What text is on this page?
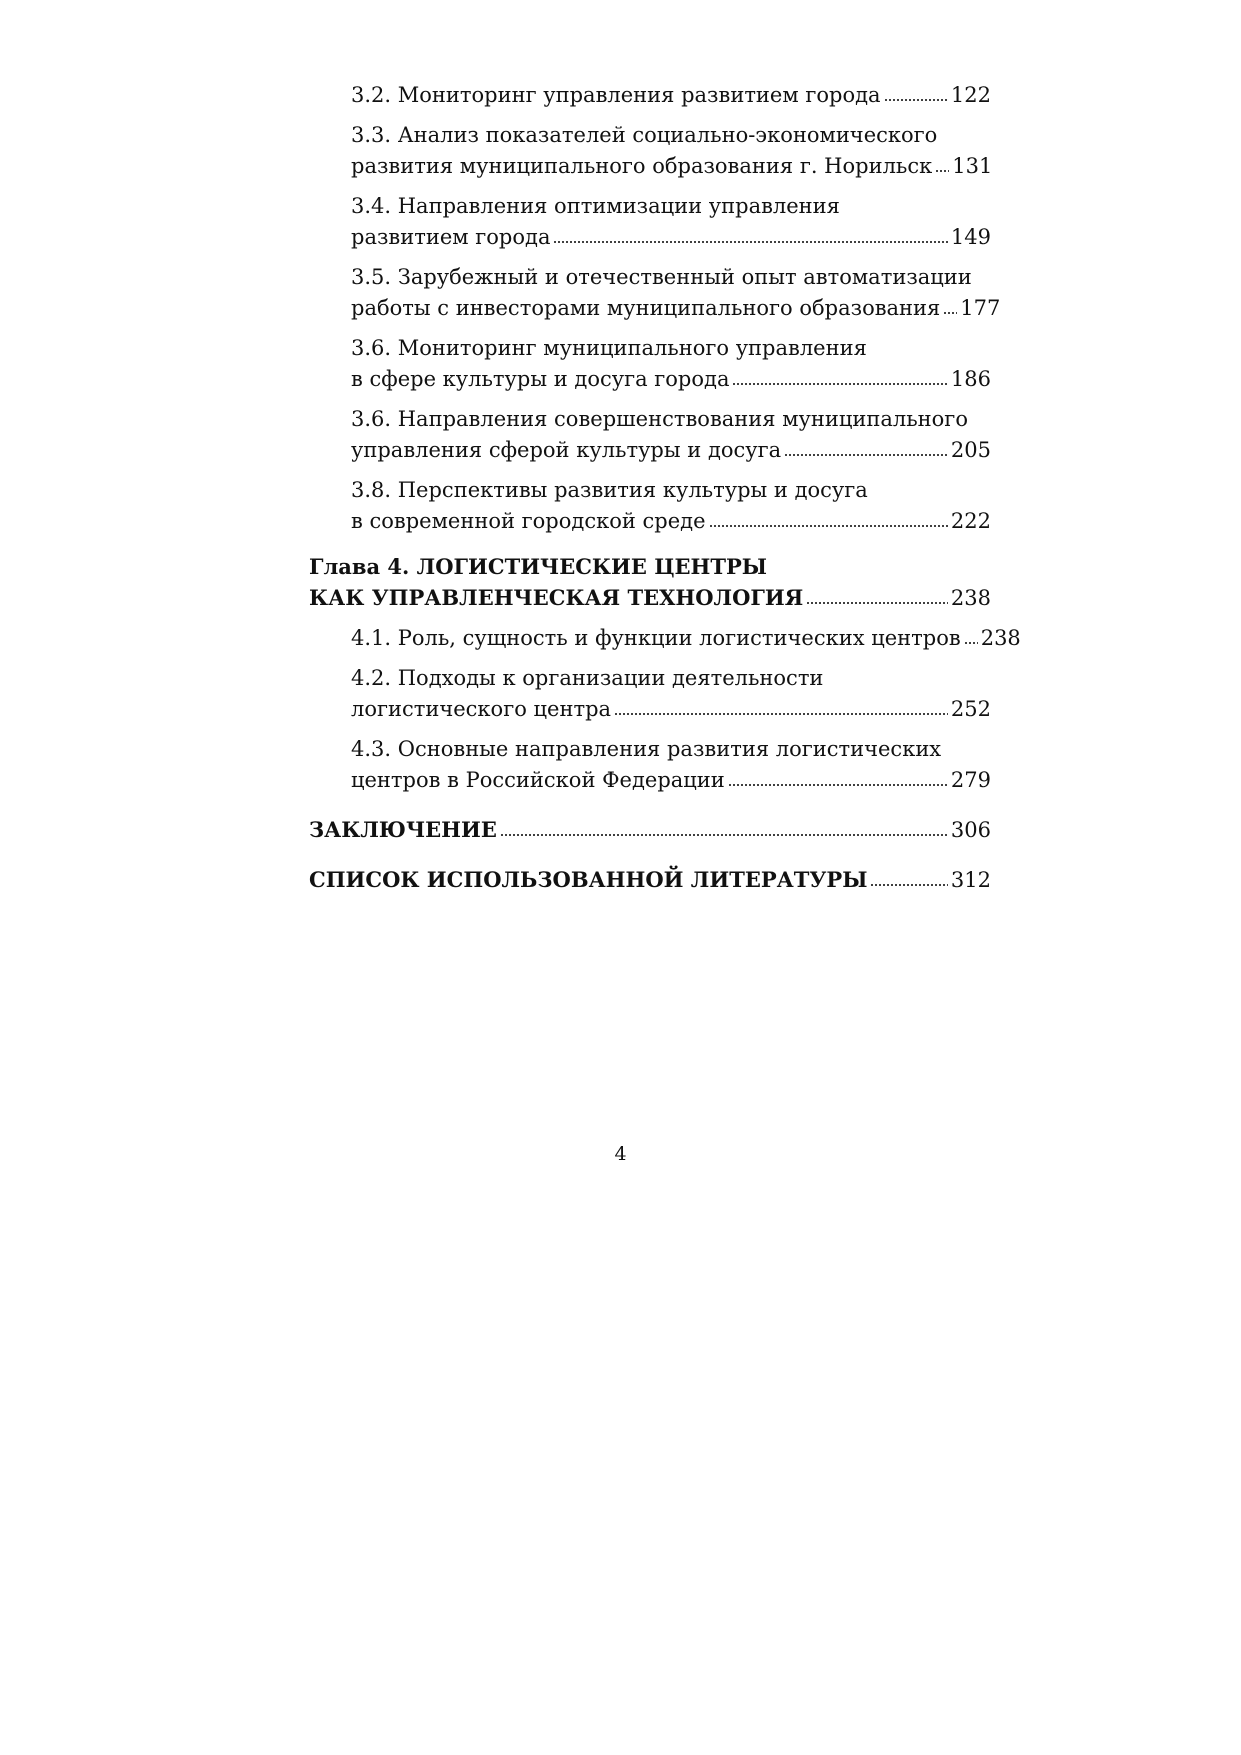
3.2. Мониторинг управления развитием города	122
3.3. Анализ показателей социально-экономического
развития муниципального образования г. Норильск 131
3.4. Направления оптимизации управления
развитием города	149
3.5. Зарубежный и отечественный опыт автоматизации
работы с инвесторами муниципального образования 177
3.6. Мониторинг муниципального управления
в сфере культуры и досуга города	186
3.6. Направления совершенствования муниципального
управления сферой культуры и досуга	205
3.8. Перспективы развития культуры и досуга
в современной городской среде	222
Глава 4. ЛОГИСТИЧЕСКИЕ ЦЕНТРЫ
КАК УПРАВЛЕНЧЕСКАЯ ТЕХНОЛОГИЯ	238
4.1. Роль, сущность и функции логистических центров 238
4.2. Подходы к организации деятельности
логистического центра	252
4.3. Основные направления развития логистических
центров в Российской Федерации	279
ЗАКЛЮЧЕНИЕ	306
СПИСОК ИСПОЛЬЗОВАННОЙ ЛИТЕРАТУРЫ	312
4
